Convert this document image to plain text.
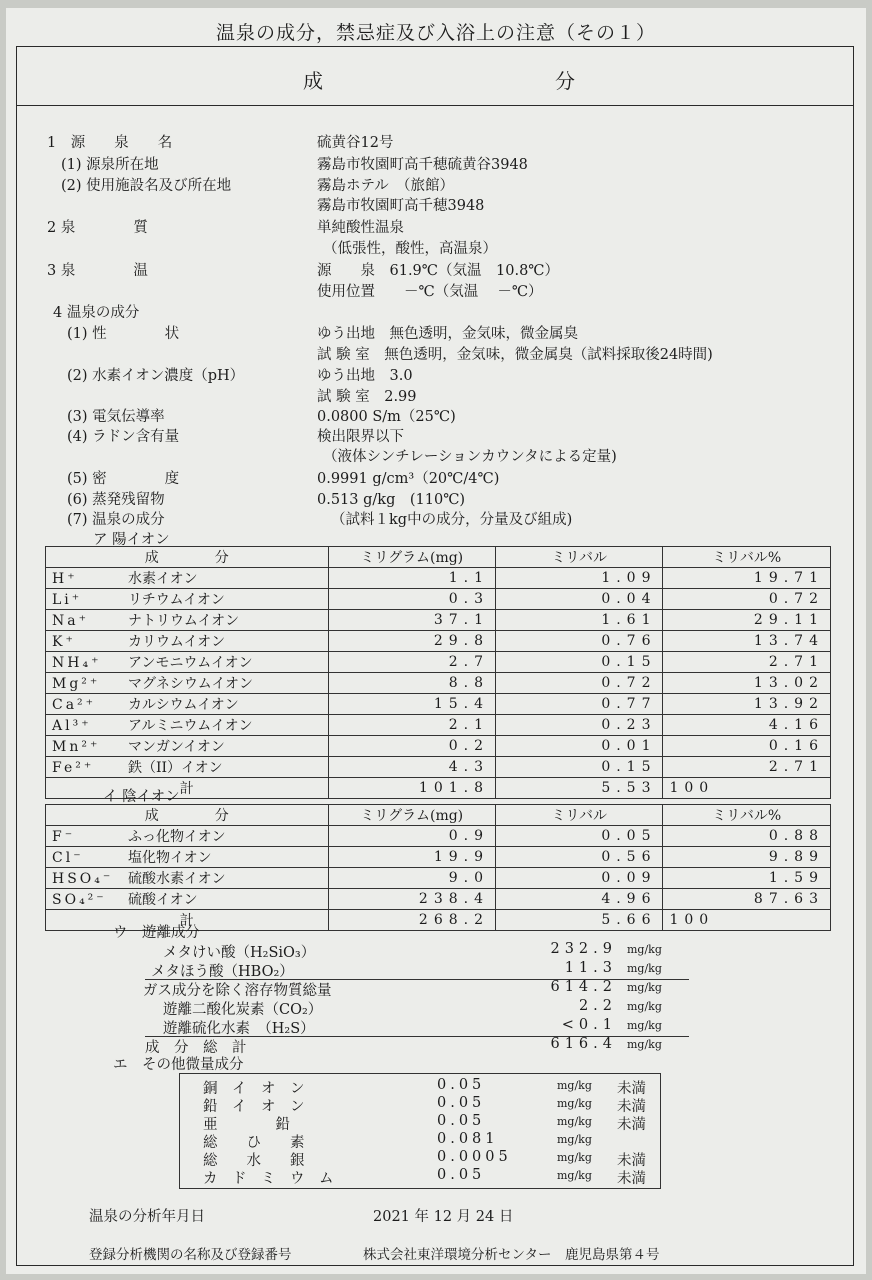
温泉の成分，禁忌症及び入浴上の注意（その１）
成	分
1　源　　泉　　名	硫黄谷12号
(1) 源泉所在地	霧島市牧園町高千穂硫黄谷3948
(2) 使用施設名及び所在地	霧島ホテル　（旅館）
霧島市牧園町高千穂3948
2 泉　　　　質	単純酸性温泉
（低張性，酸性，高温泉）
3 泉　　　　温	源　　泉　61.9℃（気温　10.8℃）
使用位置　　－℃（気温　 －℃）
4 温泉の成分
(1) 性　　　　状	ゆう出地　無色透明，金気味，微金属臭
試 験 室　無色透明，金気味，微金属臭（試料採取後24時間)
(2) 水素イオン濃度（pH）	ゆう出地　3.0
試 験 室　2.99
(3) 電気伝導率	0.0800 S/m（25℃)
(4) ラドン含有量	検出限界以下
（液体シンチレーションカウンタによる定量)
(5) 密　　　　度	0.9991 g/cm³（20℃/4℃)
(6) 蒸発残留物	0.513 g/kg　(110℃)
(7) 温泉の成分	（試料１kg中の成分，分量及び組成)
ア 陽イオン
成　　　　分	ミリグラム(mg)	ミリバル	ミリバル%
H⁺ 水素イオン	1.1	1.09	19.71
Li⁺ リチウムイオン	0.3	0.04	0.72
Na⁺ ナトリウムイオン	37.1	1.61	29.11
K⁺ カリウムイオン	29.8	0.76	13.74
NH₄⁺ アンモニウムイオン	2.7	0.15	2.71
Mg²⁺ マグネシウムイオン	8.8	0.72	13.02
Ca²⁺ カルシウムイオン	15.4	0.77	13.92
Al³⁺ アルミニウムイオン	2.1	0.23	4.16
Mn²⁺ マンガンイオン	0.2	0.01	0.16
Fe²⁺ 鉄（II）イオン	4.3	0.15	2.71
計	101.8	5.53	100
イ 陰イオン
成　　　　分	ミリグラム(mg)	ミリバル	ミリバル%
F⁻ ふっ化物イオン	0.9	0.05	0.88
Cl⁻ 塩化物イオン	19.9	0.56	9.89
HSO₄⁻ 硫酸水素イオン	9.0	0.09	1.59
SO₄²⁻ 硫酸イオン	238.4	4.96	87.63
計	268.2	5.66	100
ウ　遊離成分
メタけい酸（H₂SiO₃）	232.9 mg/kg
メタほう酸（HBO₂）	11.3 mg/kg
ガス成分を除く溶存物質総量	614.2 mg/kg
遊離二酸化炭素（CO₂）	2.2 mg/kg
遊離硫化水素　（H₂S）	<0.1 mg/kg
成　分　総　計	616.4 mg/kg
エ　その他微量成分
銅　イ　オ　ン	0.05	mg/kg 未満
鉛　イ　オ　ン	0.05	mg/kg 未満
亜　　　　鉛	0.05	mg/kg 未満
総　　ひ　　素	0.081	mg/kg
総　　水　　銀	0.0005	mg/kg 未満
カ　ド　ミ　ウ　ム	0.05	mg/kg 未満
温泉の分析年月日	2021 年 12 月 24 日
登録分析機関の名称及び登録番号	株式会社東洋環境分析センター　鹿児島県第４号
